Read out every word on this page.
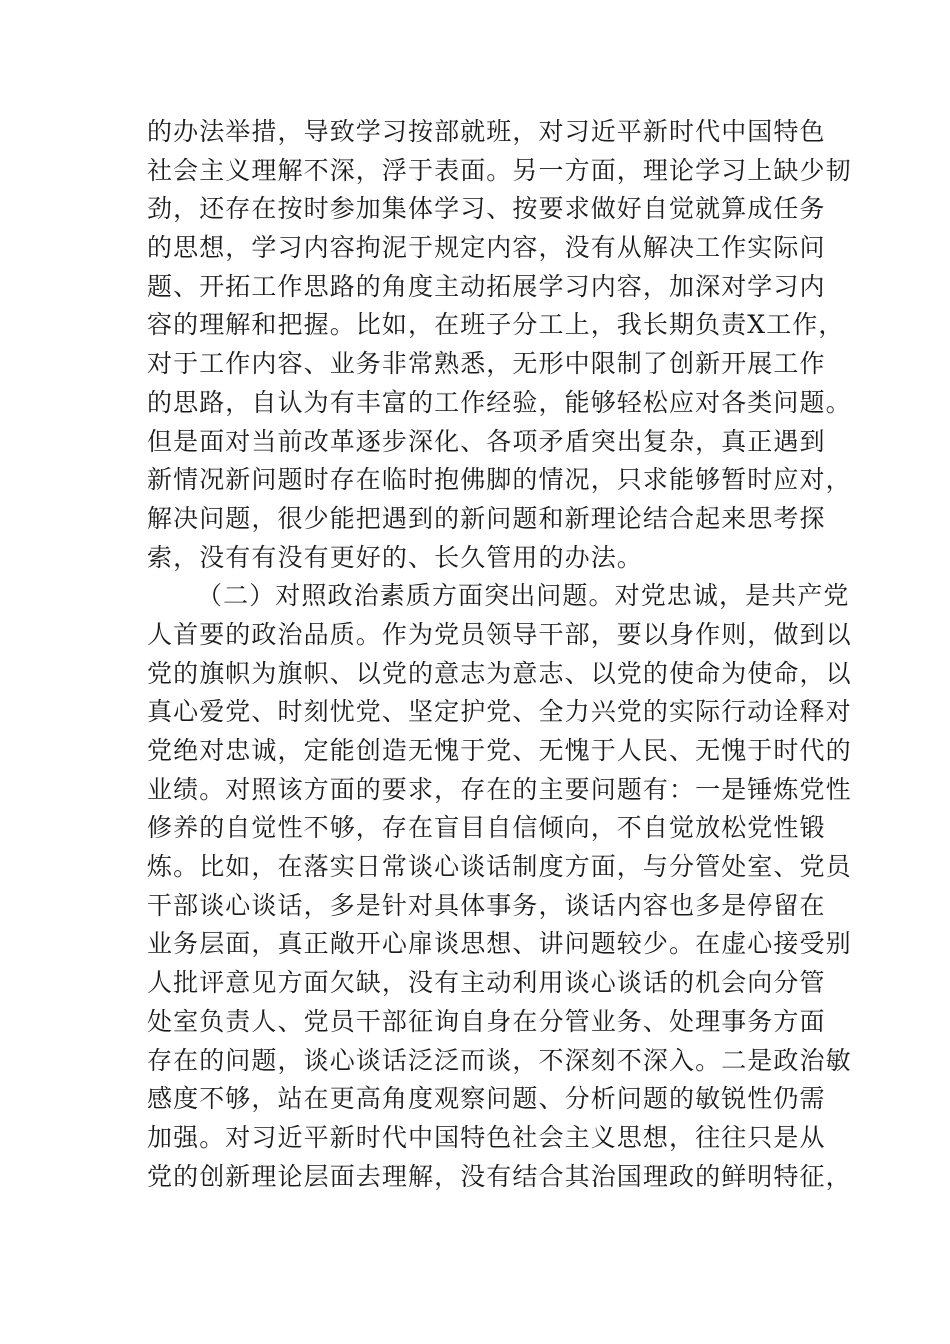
的办法举措，导致学习按部就班，对习近平新时代中国特色
社会主义理解不深，浮于表面。另一方面，理论学习上缺少韧
劲，还存在按时参加集体学习、按要求做好自觉就算成任务
的思想，学习内容拘泥于规定内容，没有从解决工作实际问
题、开拓工作思路的角度主动拓展学习内容，加深对学习内
容的理解和把握。比如，在班子分工上，我长期负责X工作，
对于工作内容、业务非常熟悉，无形中限制了创新开展工作
的思路，自认为有丰富的工作经验，能够轻松应对各类问题。
但是面对当前改革逐步深化、各项矛盾突出复杂，真正遇到
新情况新问题时存在临时抱佛脚的情况，只求能够暂时应对，
解决问题，很少能把遇到的新问题和新理论结合起来思考探
索，没有有没有更好的、长久管用的办法。
（二）对照政治素质方面突出问题。对党忠诚，是共产党
人首要的政治品质。作为党员领导干部，要以身作则，做到以
党的旗帜为旗帜、以党的意志为意志、以党的使命为使命，以
真心爱党、时刻忧党、坚定护党、全力兴党的实际行动诠释对
党绝对忠诚，定能创造无愧于党、无愧于人民、无愧于时代的
业绩。对照该方面的要求，存在的主要问题有：一是锤炼党性
修养的自觉性不够，存在盲目自信倾向，不自觉放松党性锻
炼。比如，在落实日常谈心谈话制度方面，与分管处室、党员
干部谈心谈话，多是针对具体事务，谈话内容也多是停留在
业务层面，真正敞开心扉谈思想、讲问题较少。在虚心接受别
人批评意见方面欠缺，没有主动利用谈心谈话的机会向分管
处室负责人、党员干部征询自身在分管业务、处理事务方面
存在的问题，谈心谈话泛泛而谈，不深刻不深入。二是政治敏
感度不够，站在更高角度观察问题、分析问题的敏锐性仍需
加强。对习近平新时代中国特色社会主义思想，往往只是从
党的创新理论层面去理解，没有结合其治国理政的鲜明特征，
